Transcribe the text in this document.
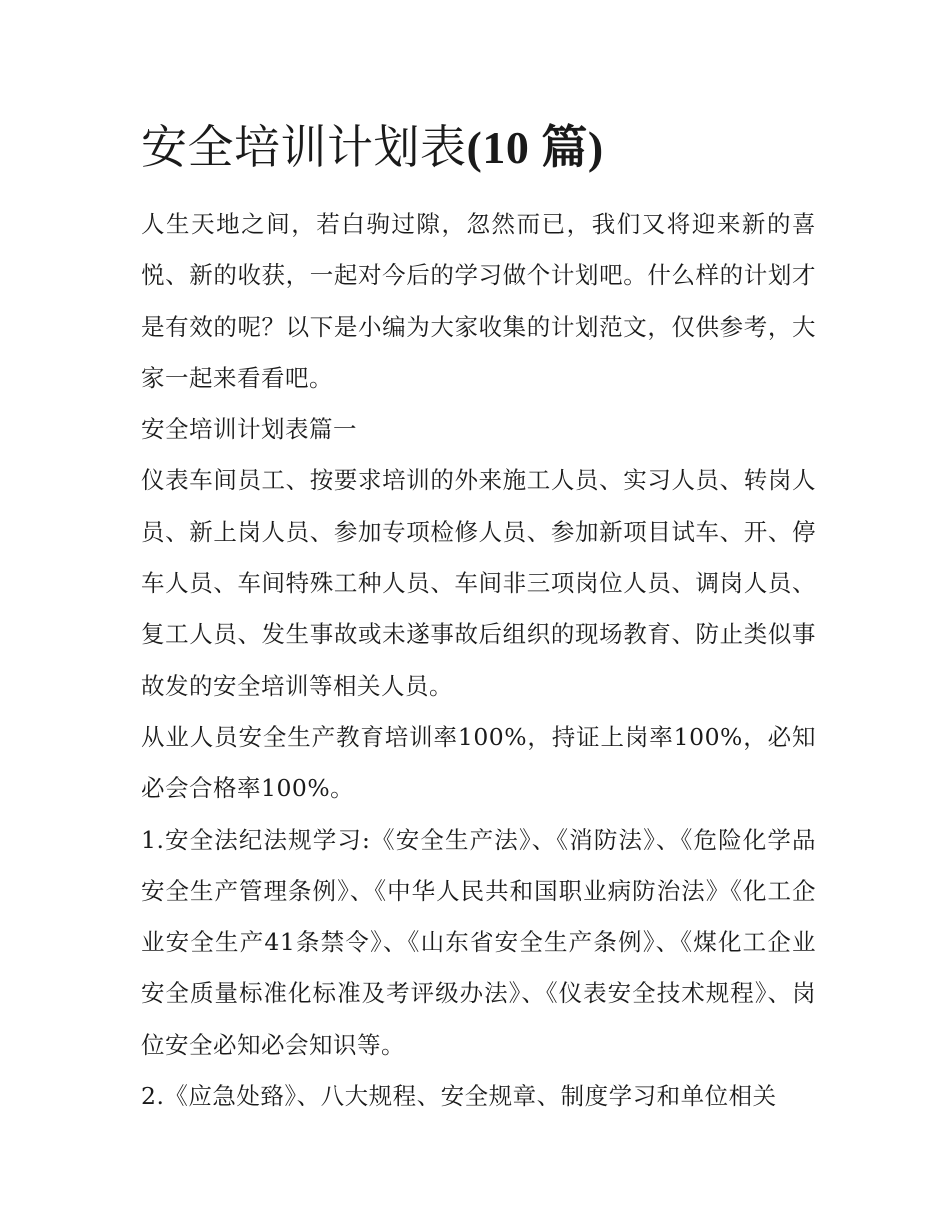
安全培训计划表(10 篇)

人生天地之间，若白驹过隙，忽然而已，我们又将迎来新的喜悦、新的收获，一起对今后的学习做个计划吧。什么样的计划才是有效的呢？以下是小编为大家收集的计划范文，仅供参考，大家一起来看看吧。

安全培训计划表篇一

仪表车间员工、按要求培训的外来施工人员、实习人员、转岗人员、新上岗人员、参加专项检修人员、参加新项目试车、开、停车人员、车间特殊工种人员、车间非三项岗位人员、调岗人员、复工人员、发生事故或未遂事故后组织的现场教育、防止类似事故发的安全培训等相关人员。

从业人员安全生产教育培训率100%，持证上岗率100%，必知必会合格率100%。

1.安全法纪法规学习:《安全生产法》、《消防法》、《危险化学品安全生产管理条例》、《中华人民共和国职业病防治法》《化工企业安全生产41条禁令》、《山东省安全生产条例》、《煤化工企业安全质量标准化标准及考评级办法》、《仪表安全技术规程》、岗位安全必知必会知识等。

2.《应急处臵》、八大规程、安全规章、制度学习和单位相关
